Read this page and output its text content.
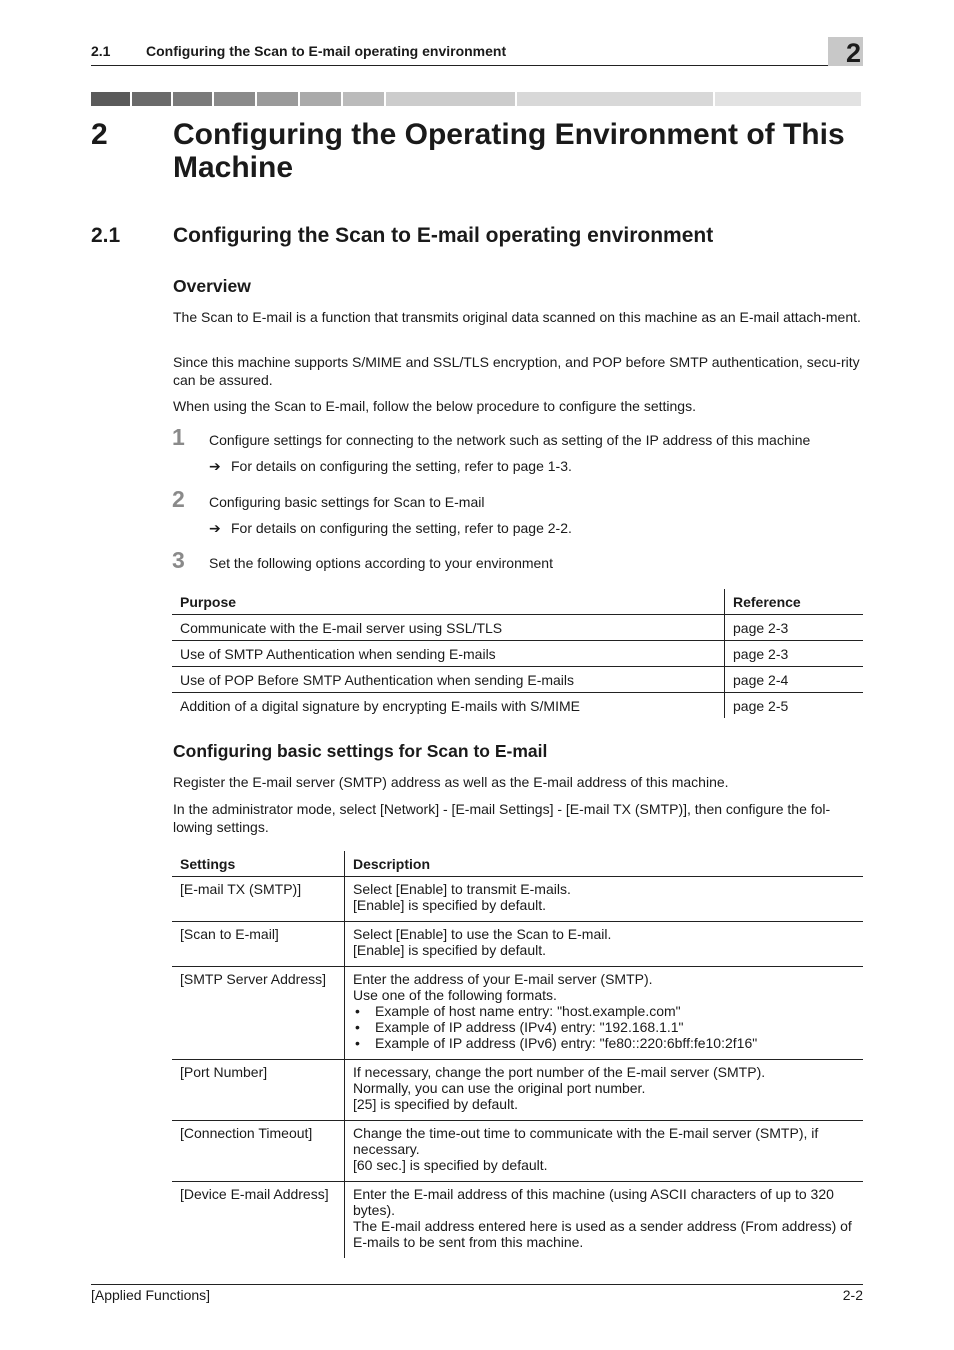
2.1	Configuring the Scan to E-mail operating environment	2
2 Configuring the Operating Environment of This Machine
2.1	Configuring the Scan to E-mail operating environment
Overview
The Scan to E-mail is a function that transmits original data scanned on this machine as an E-mail attach-ment.
Since this machine supports S/MIME and SSL/TLS encryption, and POP before SMTP authentication, secu-rity can be assured.
When using the Scan to E-mail, follow the below procedure to configure the settings.
1 Configure settings for connecting to the network such as setting of the IP address of this machine
➔ For details on configuring the setting, refer to page 1-3.
2 Configuring basic settings for Scan to E-mail
➔ For details on configuring the setting, refer to page 2-2.
3 Set the following options according to your environment
Purpose	Reference
Communicate with the E-mail server using SSL/TLS	page 2-3
Use of SMTP Authentication when sending E-mails	page 2-3
Use of POP Before SMTP Authentication when sending E-mails	page 2-4
Addition of a digital signature by encrypting E-mails with S/MIME	page 2-5
Configuring basic settings for Scan to E-mail
Register the E-mail server (SMTP) address as well as the E-mail address of this machine.
In the administrator mode, select [Network] - [E-mail Settings] - [E-mail TX (SMTP)], then configure the fol-lowing settings.
Settings	Description
[E-mail TX (SMTP)]	Select [Enable] to transmit E-mails.
[Enable] is specified by default.

[Scan to E-mail]	Select [Enable] to use the Scan to E-mail.
[Enable] is specified by default.

[SMTP Server Address]	Enter the address of your E-mail server (SMTP).
Use one of the following formats.
• Example of host name entry: "host.example.com"
• Example of IP address (IPv4) entry: "192.168.1.1"
• Example of IP address (IPv6) entry: "fe80::220:6bff:fe10:2f16"

[Port Number]	If necessary, change the port number of the E-mail server (SMTP).
Normally, you can use the original port number.
[25] is specified by default.

[Connection Timeout]	Change the time-out time to communicate with the E-mail server (SMTP), if necessary.
[60 sec.] is specified by default.

[Device E-mail Address]	Enter the E-mail address of this machine (using ASCII characters of up to 320 bytes).
The E-mail address entered here is used as a sender address (From address) of E-mails to be sent from this machine.
[Applied Functions]	2-2
